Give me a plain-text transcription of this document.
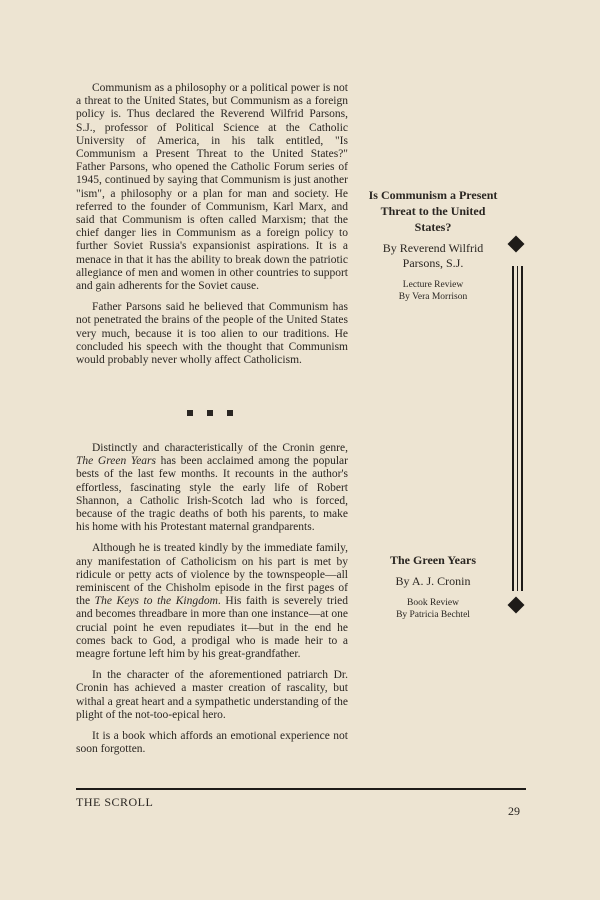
Communism as a philosophy or a political power is not a threat to the United States, but Communism as a foreign policy is. Thus declared the Reverend Wilfrid Parsons, S.J., professor of Political Science at the Catholic University of America, in his talk entitled, "Is Communism a Present Threat to the United States?" Father Parsons, who opened the Catholic Forum series of 1945, continued by saying that Communism is just another "ism", a philosophy or a plan for man and society. He referred to the founder of Communism, Karl Marx, and said that Communism is often called Marxism; that the chief danger lies in Communism as a foreign policy to further Soviet Russia's expansionist aspirations. It is a menace in that it has the ability to break down the patriotic allegiance of men and women in other countries to support and gain adherents for the Soviet cause.

Father Parsons said he believed that Communism has not penetrated the brains of the people of the United States very much, because it is too alien to our traditions. He concluded his speech with the thought that Communism would probably never wholly affect Catholicism.

Distinctly and characteristically of the Cronin genre, The Green Years has been acclaimed among the popular bests of the last few months. It recounts in the author's effortless, fascinating style the early life of Robert Shannon, a Catholic Irish-Scotch lad who is forced, because of the tragic deaths of both his parents, to make his home with his Protestant maternal grandparents.

Although he is treated kindly by the immediate family, any manifestation of Catholicism on his part is met by ridicule or petty acts of violence by the townspeople—all reminiscent of the Chisholm episode in the first pages of the The Keys to the Kingdom. His faith is severely tried and becomes threadbare in more than one instance—at one crucial point he even repudiates it—but in the end he comes back to God, a prodigal who is made heir to a meagre fortune left him by his great-grandfather.

In the character of the aforementioned patriarch Dr. Cronin has achieved a master creation of rascality, but withal a great heart and a sympathetic understanding of the plight of the not-too-epical hero.

It is a book which affords an emotional experience not soon forgotten.

Is Communism a Present Threat to the United States?
By Reverend Wilfrid Parsons, S.J.
Lecture Review
By Vera Morrison
The Green Years
By A. J. Cronin
Book Review
By Patricia Bechtel
THE SCROLL
29
